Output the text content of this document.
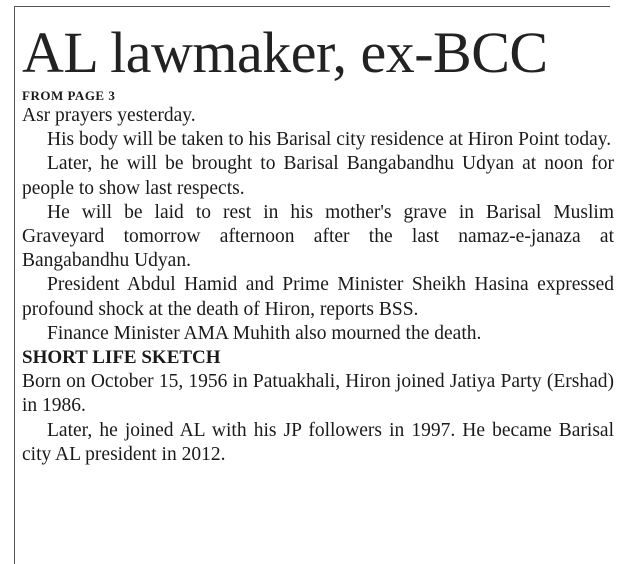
AL lawmaker, ex-BCC
FROM PAGE 3

Asr prayers yesterday.

His body will be taken to his Barisal city residence at Hiron Point today.

Later, he will be brought to Barisal Bangabandhu Udyan at noon for people to show last respects.

He will be laid to rest in his mother's grave in Barisal Muslim Graveyard tomorrow afternoon after the last namaz-e-janaza at Bangabandhu Udyan.

President Abdul Hamid and Prime Minister Sheikh Hasina expressed profound shock at the death of Hiron, reports BSS.

Finance Minister AMA Muhith also mourned the death.

SHORT LIFE SKETCH

Born on October 15, 1956 in Patuakhali, Hiron joined Jatiya Party (Ershad) in 1986.

Later, he joined AL with his JP followers in 1997. He became Barisal city AL president in 2012.
